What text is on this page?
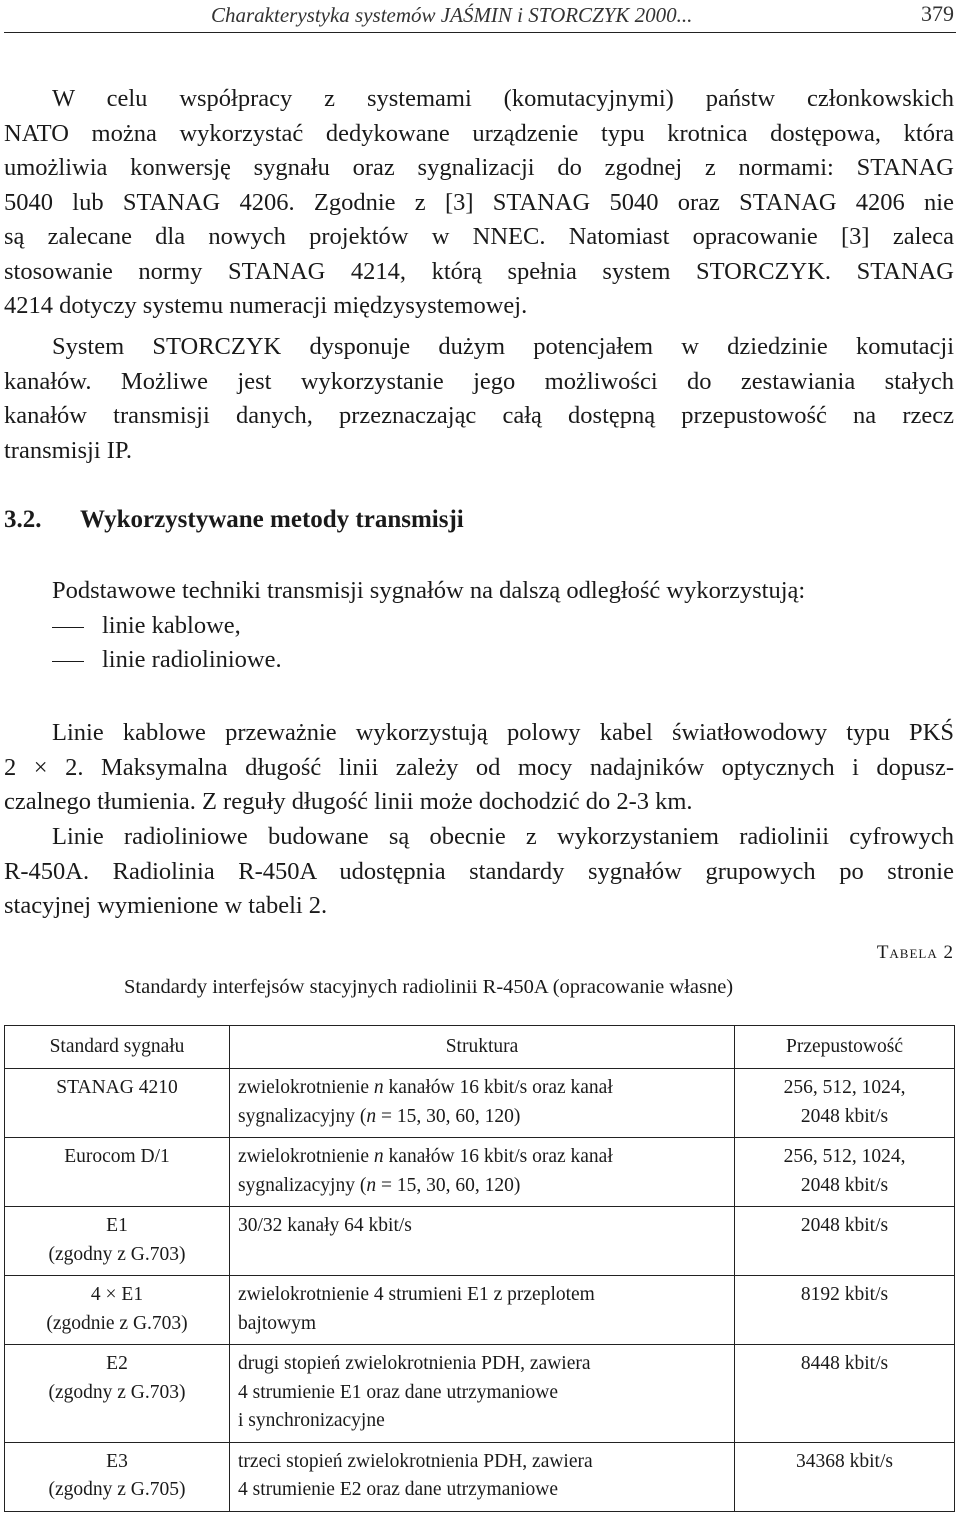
Charakterystyka systemów JAŚMIN i STORCZYK 2000...	379
W celu współpracy z systemami (komutacyjnymi) państw członkowskich
NATO można wykorzystać dedykowane urządzenie typu krotnica dostępowa, która
umożliwia konwersję sygnału oraz sygnalizacji do zgodnej z normami: STANAG
5040 lub STANAG 4206. Zgodnie z [3] STANAG 5040 oraz STANAG 4206 nie
są zalecane dla nowych projektów w NNEC. Natomiast opracowanie [3] zaleca
stosowanie normy STANAG 4214, którą spełnia system STORCZYK. STANAG
4214 dotyczy systemu numeracji międzysystemowej.
System STORCZYK dysponuje dużym potencjałem w dziedzinie komutacji
kanałów. Możliwe jest wykorzystanie jego możliwości do zestawiania stałych
kanałów transmisji danych, przeznaczając całą dostępną przepustowość na rzecz
transmisji IP.
3.2. Wykorzystywane metody transmisji
Podstawowe techniki transmisji sygnałów na dalszą odległość wykorzystują:
linie kablowe,
linie radioliniowe.
Linie kablowe przeważnie wykorzystują polowy kabel światłowodowy typu PKŚ
2 × 2. Maksymalna długość linii zależy od mocy nadajników optycznych i dopusz-
czalnego tłumienia. Z reguły długość linii może dochodzić do 2-3 km.
Linie radioliniowe budowane są obecnie z wykorzystaniem radiolinii cyfrowych
R-450A. Radiolinia R-450A udostępnia standardy sygnałów grupowych po stronie
stacyjnej wymienione w tabeli 2.
Tabela 2
Standardy interfejsów stacyjnych radiolinii R-450A (opracowanie własne)
Standard sygnału	Struktura	Przepustowość

STANAG 4210	zwielokrotnienie n kanałów 16 kbit/s oraz kanał
sygnalizacyjny (n = 15, 30, 60, 120)	256, 512, 1024,
2048 kbit/s

Eurocom D/1	zwielokrotnienie n kanałów 16 kbit/s oraz kanał
sygnalizacyjny (n = 15, 30, 60, 120)	256, 512, 1024,
2048 kbit/s

E1
(zgodny z G.703)	30/32 kanały 64 kbit/s	2048 kbit/s

4 × E1
(zgodnie z G.703)	zwielokrotnienie 4 strumieni E1 z przeplotem
bajtowym	8192 kbit/s

E2
(zgodny z G.703)	drugi stopień zwielokrotnienia PDH, zawiera
4 strumienie E1 oraz dane utrzymaniowe
i synchronizacyjne	8448 kbit/s

E3
(zgodny z G.705)	trzeci stopień zwielokrotnienia PDH, zawiera
4 strumienie E2 oraz dane utrzymaniowe	34368 kbit/s
